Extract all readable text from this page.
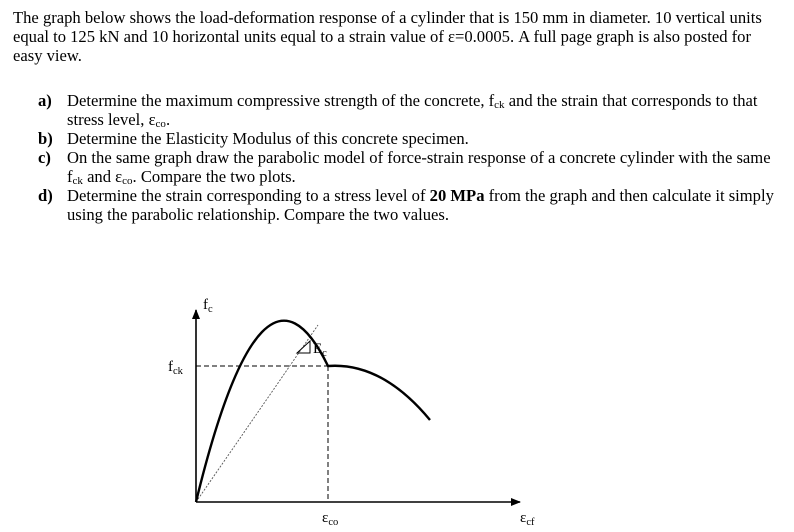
The graph below shows the load-deformation response of a cylinder that is 150 mm in diameter. 10 vertical units equal to 125 kN and 10 horizontal units equal to a strain value of ε=0.0005. A full page graph is also posted for easy view.

a) Determine the maximum compressive strength of the concrete, $f_{ck}$ and the strain that corresponds to that stress level, $\varepsilon_{co}$.
b) Determine the Elasticity Modulus of this concrete specimen.
c) On the same graph draw the parabolic model of force-strain response of a concrete cylinder with the same $f_{ck}$ and $\varepsilon_{co}$. Compare the two plots.
d) Determine the strain corresponding to a stress level of 20 MPa from the graph and then calculate it simply using the parabolic relationship. Compare the two values.
$f_c$
$f_{ck}$
$E_c$
$\varepsilon_{co}$	$\varepsilon_{cf}$
